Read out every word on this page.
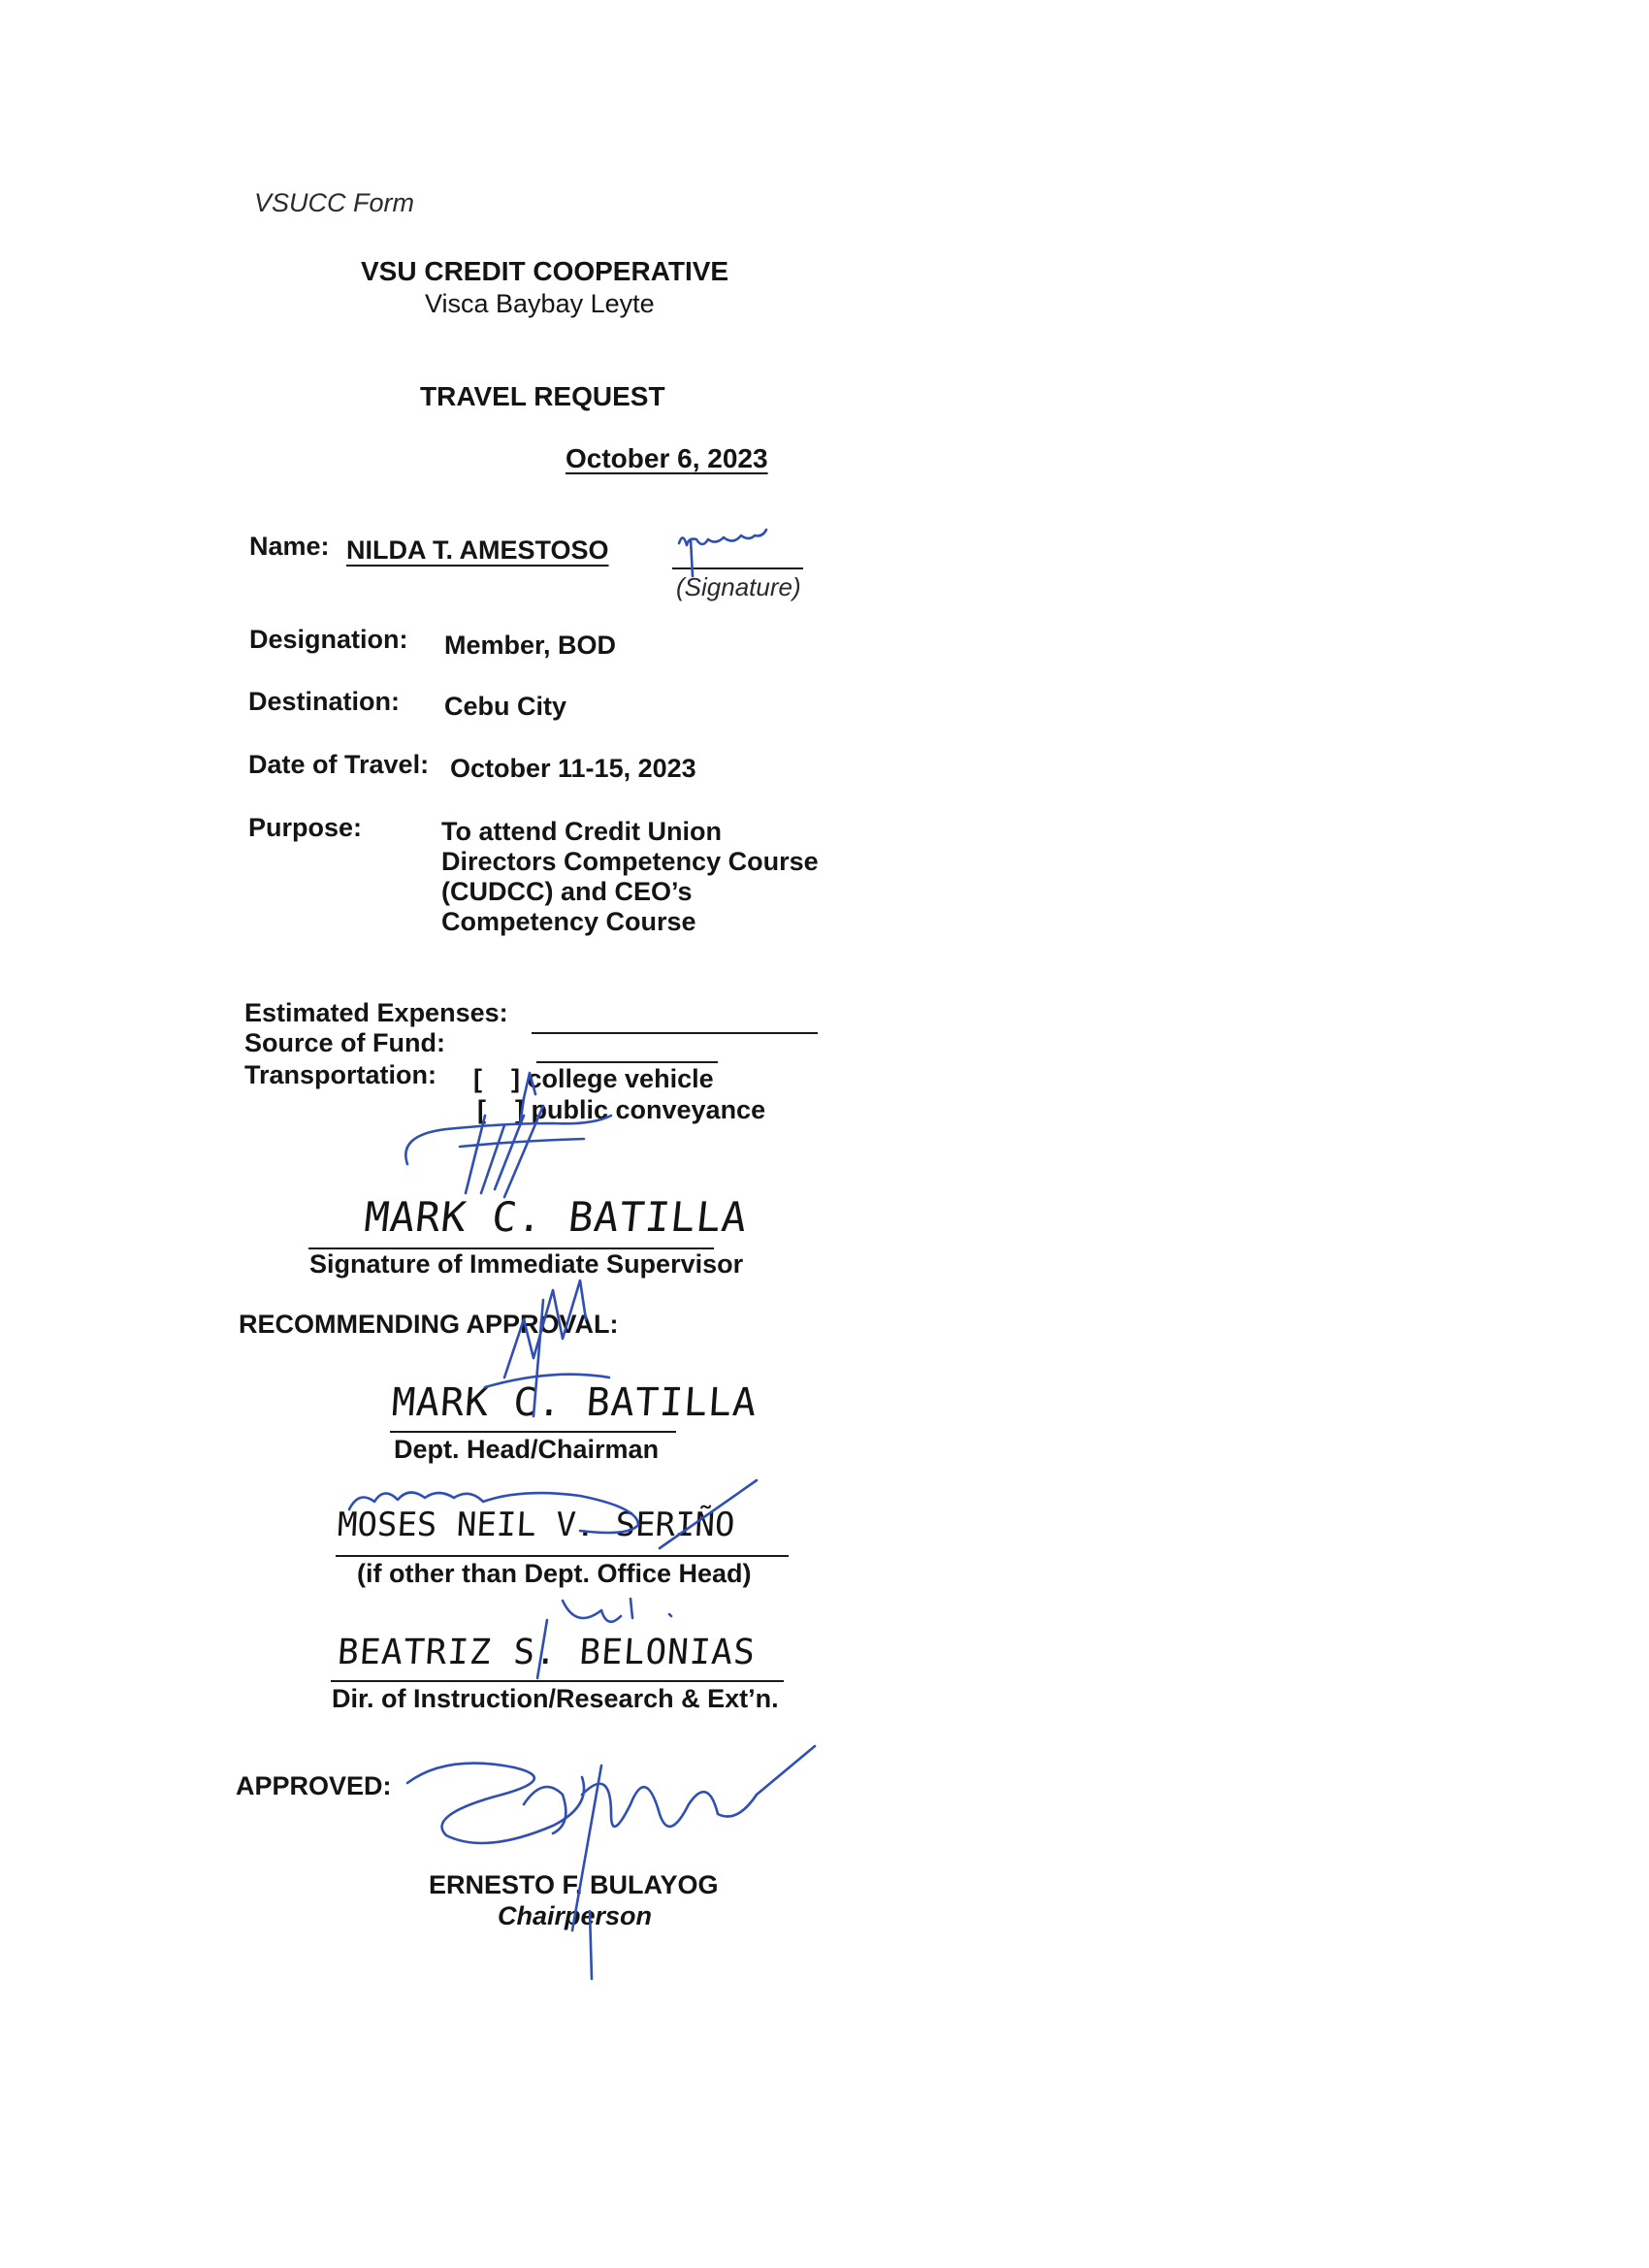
VSUCC Form
VSU CREDIT COOPERATIVE
Visca Baybay Leyte
TRAVEL REQUEST
October 6, 2023
Name: NILDA T. AMESTOSO
(Signature)
Designation: Member, BOD
Destination: Cebu City
Date of Travel: October 11-15, 2023
Purpose:	To attend Credit Union
Directors Competency Course
(CUDCC) and CEO’s
Competency Course
Estimated Expenses:
Source of Fund:
Transportation: [    ] college vehicle
[    ] public conveyance
Signature of Immediate Supervisor
RECOMMENDING APPROVAL:
Dept. Head/Chairman
(if other than Dept. Office Head)
Dir. of Instruction/Research & Ext’n.
APPROVED:
ERNESTO F. BULAYOG
Chairperson
MARK C. BATILLA
MARK C. BATILLA
MOSES NEIL V. SERIÑO
BEATRIZ S. BELONIAS
